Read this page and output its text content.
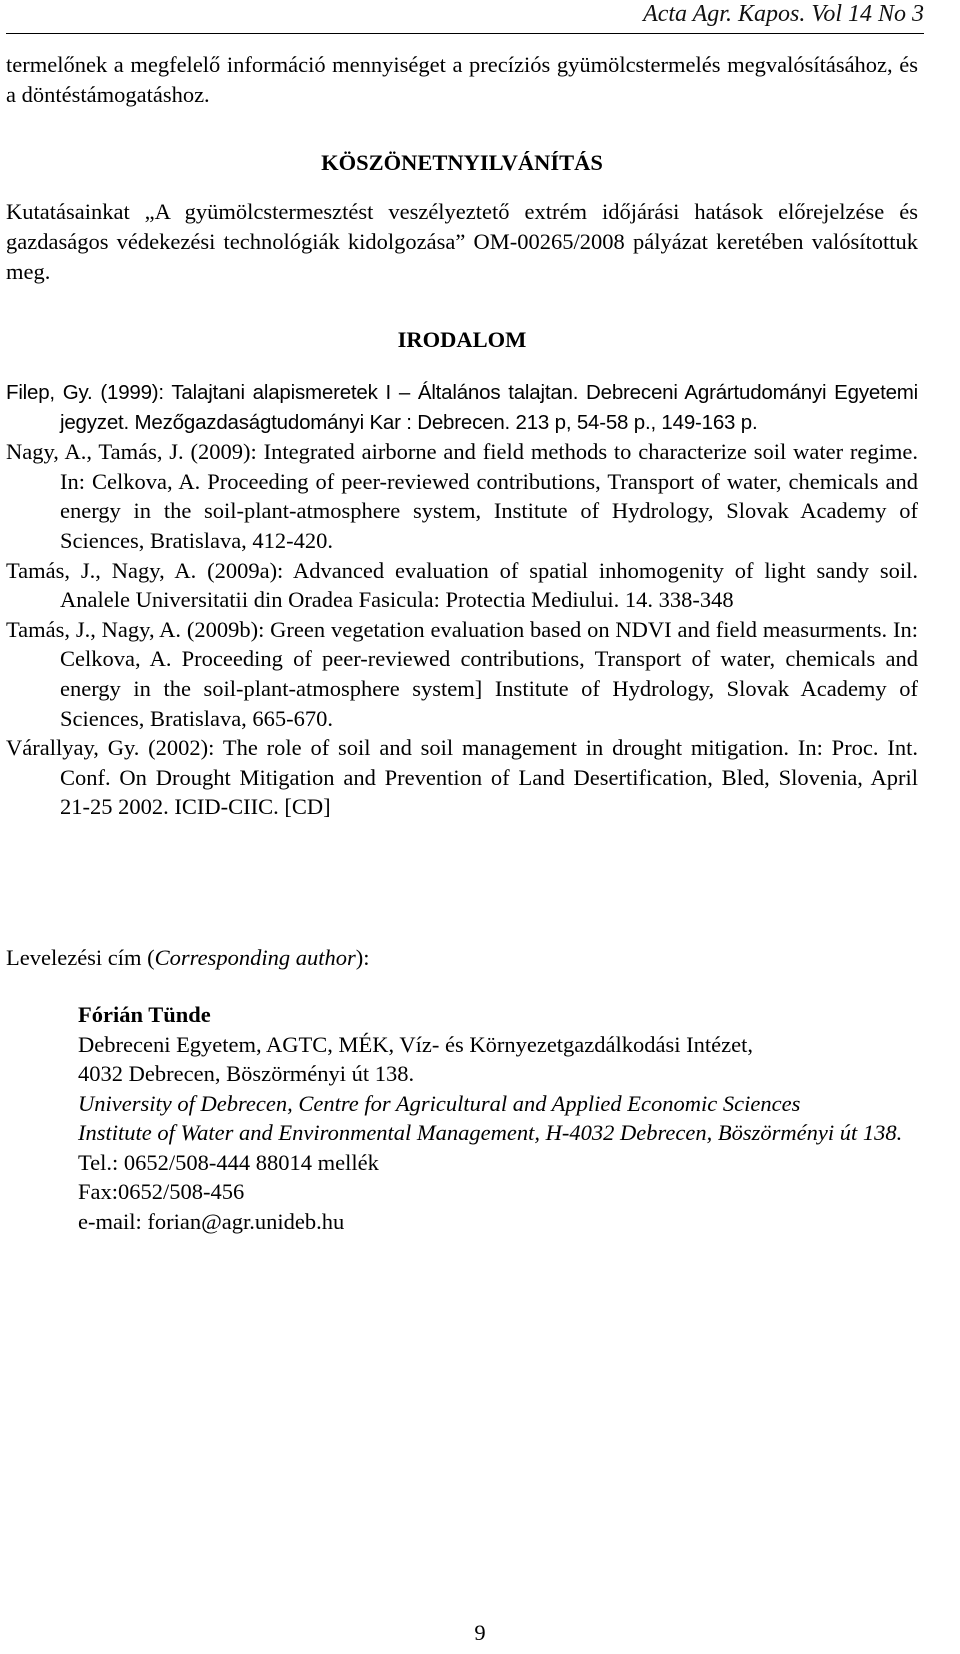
Acta Agr. Kapos. Vol 14 No 3
termelőnek a megfelelő információ mennyiséget a precíziós gyümölcstermelés megvalósításához, és a döntéstámogatáshoz.
KÖSZÖNETNYILVÁNÍTÁS
Kutatásainkat „A gyümölcstermesztést veszélyeztető extrém időjárási hatások előrejelzése és gazdaságos védekezési technológiák kidolgozása” OM-00265/2008 pályázat keretében valósítottuk meg.
IRODALOM

Filep, Gy. (1999): Talajtani alapismeretek I – Általános talajtan. Debreceni Agrártudományi Egyetemi jegyzet. Mezőgazdaságtudományi Kar : Debrecen. 213 p, 54-58 p., 149-163 p.

Nagy, A., Tamás, J. (2009): Integrated airborne and field methods to characterize soil water regime. In: Celkova, A. Proceeding of peer-reviewed contributions, Transport of water, chemicals and energy in the soil-plant-atmosphere system, Institute of Hydrology, Slovak Academy of Sciences, Bratislava, 412-420.

Tamás, J., Nagy, A. (2009a): Advanced evaluation of spatial inhomogenity of light sandy soil. Analele Universitatii din Oradea Fasicula: Protectia Mediului. 14. 338-348

Tamás, J., Nagy, A. (2009b): Green vegetation evaluation based on NDVI and field measurments. In: Celkova, A. Proceeding of peer-reviewed contributions, Transport of water, chemicals and energy in the soil-plant-atmosphere system] Institute of Hydrology, Slovak Academy of Sciences, Bratislava, 665-670.

Várallyay, Gy. (2002): The role of soil and soil management in drought mitigation. In: Proc. Int. Conf. On Drought Mitigation and Prevention of Land Desertification, Bled, Slovenia, April 21-25 2002. ICID-CIIC. [CD]

Levelezési cím (Corresponding author):
Fórián Tünde
Debreceni Egyetem, AGTC, MÉK, Víz- és Környezetgazdálkodási Intézet,
4032 Debrecen, Böszörményi út 138.
University of Debrecen, Centre for Agricultural and Applied Economic Sciences
Institute of Water and Environmental Management, H-4032 Debrecen, Böszörményi út 138.
Tel.: 0652/508-444 88014 mellék
Fax:0652/508-456
e-mail: forian@agr.unideb.hu
9
